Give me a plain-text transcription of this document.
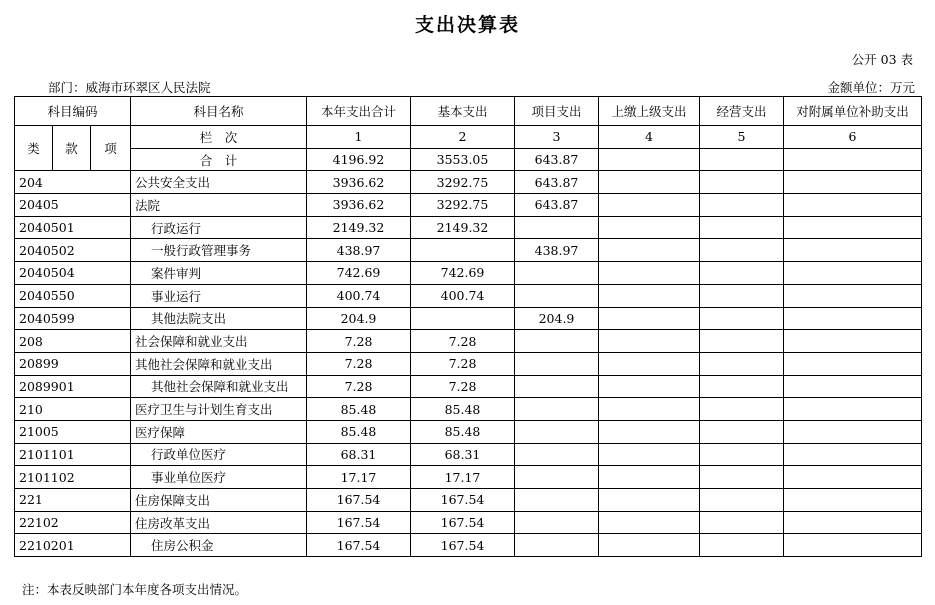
支出决算表
公开 03 表
部门：威海市环翠区人民法院	金额单位：万元
科目编码			科目名称	本年支出合计	基本支出	项目支出	上缴上级支出	经营支出	对附属单位补助支出
类	款	项	栏　次	1	2	3	4	5	6
			合　计	4196.92	3553.05	643.87			
204			公共安全支出	3936.62	3292.75	643.87			
20405			法院	3936.62	3292.75	643.87			
2040501			行政运行	2149.32	2149.32				
2040502			一般行政管理事务	438.97		438.97			
2040504			案件审判	742.69	742.69				
2040550			事业运行	400.74	400.74				
2040599			其他法院支出	204.9		204.9			
208			社会保障和就业支出	7.28	7.28				
20899			其他社会保障和就业支出	7.28	7.28				
2089901			其他社会保障和就业支出	7.28	7.28				
210			医疗卫生与计划生育支出	85.48	85.48				
21005			医疗保障	85.48	85.48				
2101101			行政单位医疗	68.31	68.31				
2101102			事业单位医疗	17.17	17.17				
221			住房保障支出	167.54	167.54				
22102			住房改革支出	167.54	167.54				
2210201			住房公积金	167.54	167.54				
注：本表反映部门本年度各项支出情况。
